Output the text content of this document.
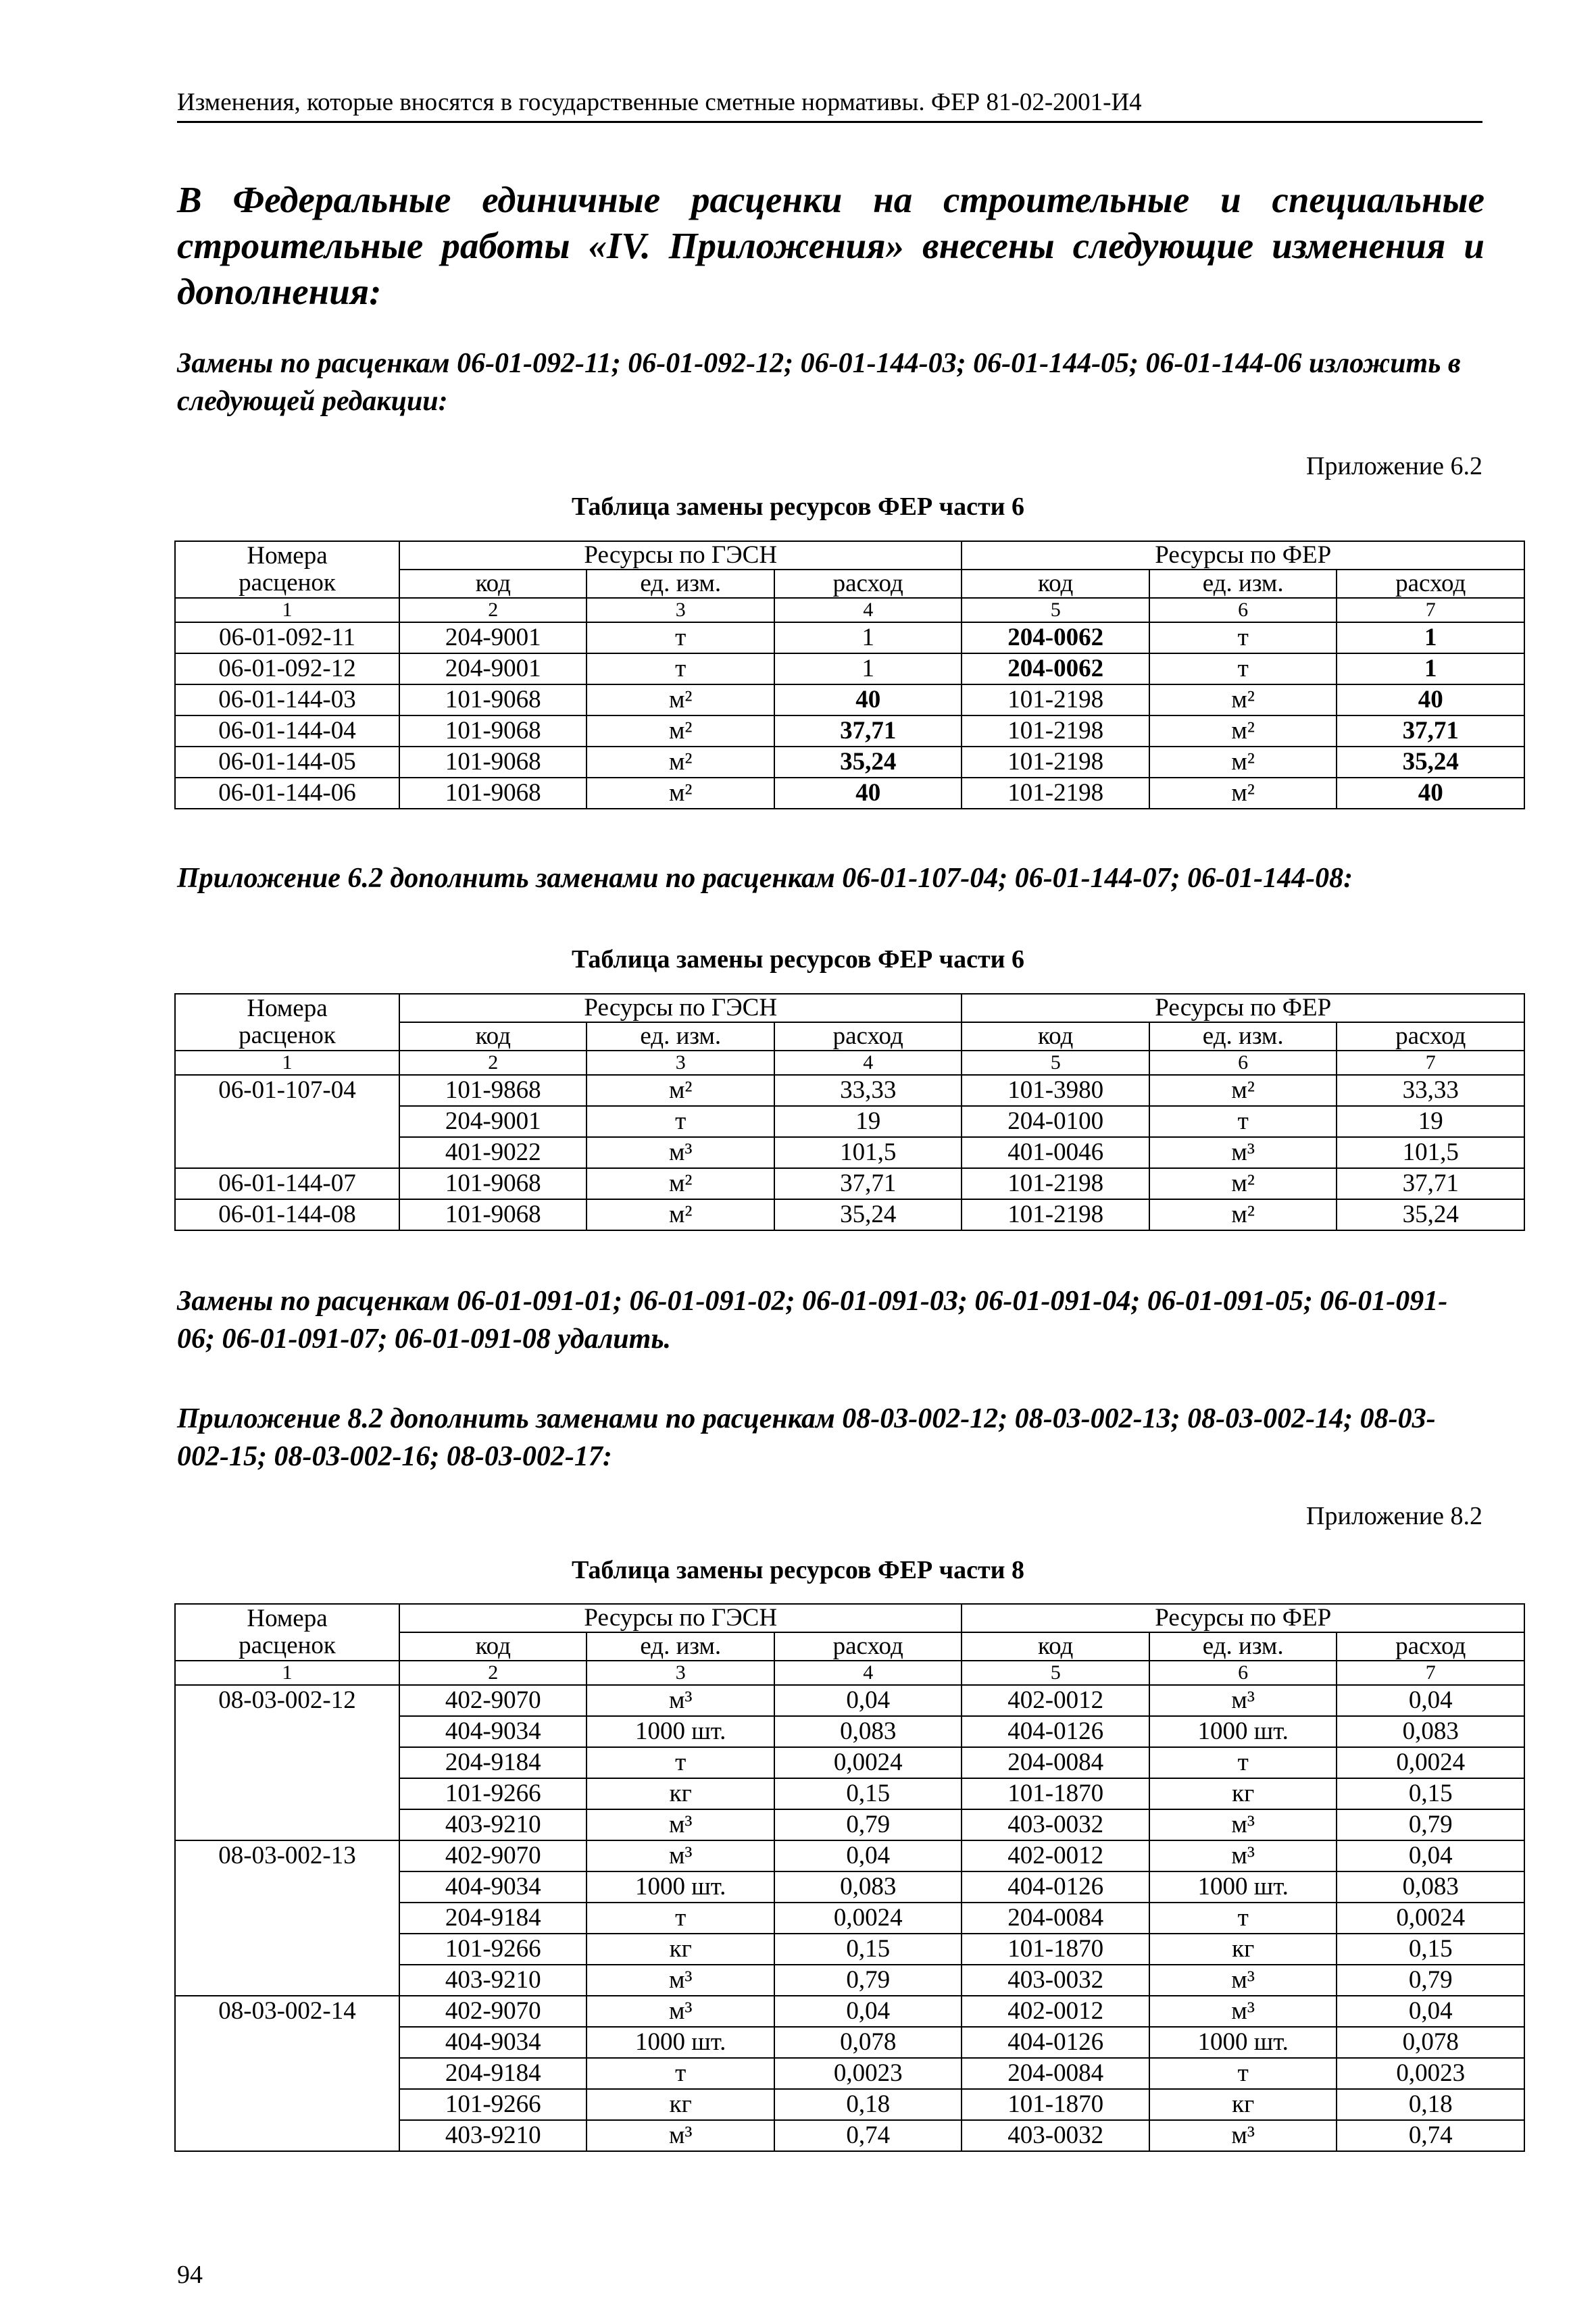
Изменения, которые вносятся в государственные сметные нормативы. ФЕР 81-02-2001-И4
В Федеральные единичные расценки на строительные и специальные строительные работы «IV. Приложения» внесены следующие изменения и дополнения:
Замены по расценкам 06-01-092-11; 06-01-092-12; 06-01-144-03; 06-01-144-05; 06-01-144-06 изложить в следующей редакции:
Приложение 6.2
Таблица замены ресурсов ФЕР части 6
Номера
расценок	Ресурсы по ГЭСН			Ресурсы по ФЕР		
	код	ед. изм.	расход	код	ед. изм.	расход
1	2	3	4	5	6	7
06-01-092-11	204-9001	т	1	204-0062	т	1
06-01-092-12	204-9001	т	1	204-0062	т	1
06-01-144-03	101-9068	м²	40	101-2198	м²	40
06-01-144-04	101-9068	м²	37,71	101-2198	м²	37,71
06-01-144-05	101-9068	м²	35,24	101-2198	м²	35,24
06-01-144-06	101-9068	м²	40	101-2198	м²	40
Приложение 6.2 дополнить заменами по расценкам 06-01-107-04; 06-01-144-07; 06-01-144-08:
Таблица замены ресурсов ФЕР части 6
Номера
расценок	Ресурсы по ГЭСН			Ресурсы по ФЕР		
	код	ед. изм.	расход	код	ед. изм.	расход
1	2	3	4	5	6	7
06-01-107-04	101-9868	м²	33,33	101-3980	м²	33,33
	204-9001	т	19	204-0100	т	19
	401-9022	м³	101,5	401-0046	м³	101,5
06-01-144-07	101-9068	м²	37,71	101-2198	м²	37,71
06-01-144-08	101-9068	м²	35,24	101-2198	м²	35,24
Замены по расценкам 06-01-091-01; 06-01-091-02; 06-01-091-03; 06-01-091-04; 06-01-091-05; 06-01-091-06; 06-01-091-07; 06-01-091-08 удалить.
Приложение 8.2 дополнить заменами по расценкам 08-03-002-12; 08-03-002-13; 08-03-002-14; 08-03-002-15; 08-03-002-16; 08-03-002-17:
Приложение 8.2
Таблица замены ресурсов ФЕР части 8
Номера
расценок	Ресурсы по ГЭСН			Ресурсы по ФЕР		
	код	ед. изм.	расход	код	ед. изм.	расход
1	2	3	4	5	6	7
08-03-002-12	402-9070	м³	0,04	402-0012	м³	0,04
	404-9034	1000 шт.	0,083	404-0126	1000 шт.	0,083
	204-9184	т	0,0024	204-0084	т	0,0024
	101-9266	кг	0,15	101-1870	кг	0,15
	403-9210	м³	0,79	403-0032	м³	0,79
08-03-002-13	402-9070	м³	0,04	402-0012	м³	0,04
	404-9034	1000 шт.	0,083	404-0126	1000 шт.	0,083
	204-9184	т	0,0024	204-0084	т	0,0024
	101-9266	кг	0,15	101-1870	кг	0,15
	403-9210	м³	0,79	403-0032	м³	0,79
08-03-002-14	402-9070	м³	0,04	402-0012	м³	0,04
	404-9034	1000 шт.	0,078	404-0126	1000 шт.	0,078
	204-9184	т	0,0023	204-0084	т	0,0023
	101-9266	кг	0,18	101-1870	кг	0,18
	403-9210	м³	0,74	403-0032	м³	0,74
94
